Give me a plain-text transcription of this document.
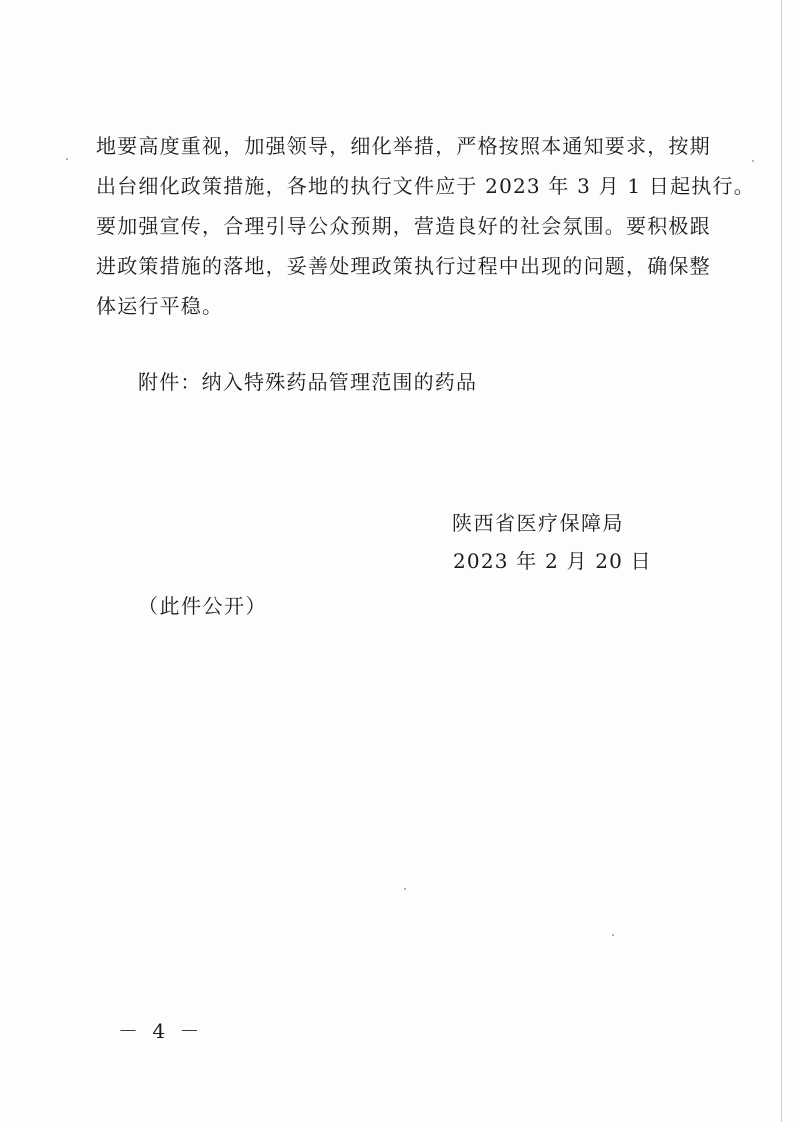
地要高度重视，加强领导，细化举措，严格按照本通知要求，按期
出台细化政策措施，各地的执行文件应于 2023 年 3 月 1 日起执行。
要加强宣传，合理引导公众预期，营造良好的社会氛围。要积极跟
进政策措施的落地，妥善处理政策执行过程中出现的问题，确保整
体运行平稳。

附件：纳入特殊药品管理范围的药品
陕西省医疗保障局
2023 年 2 月 20 日
（此件公开）
－ 4 －
